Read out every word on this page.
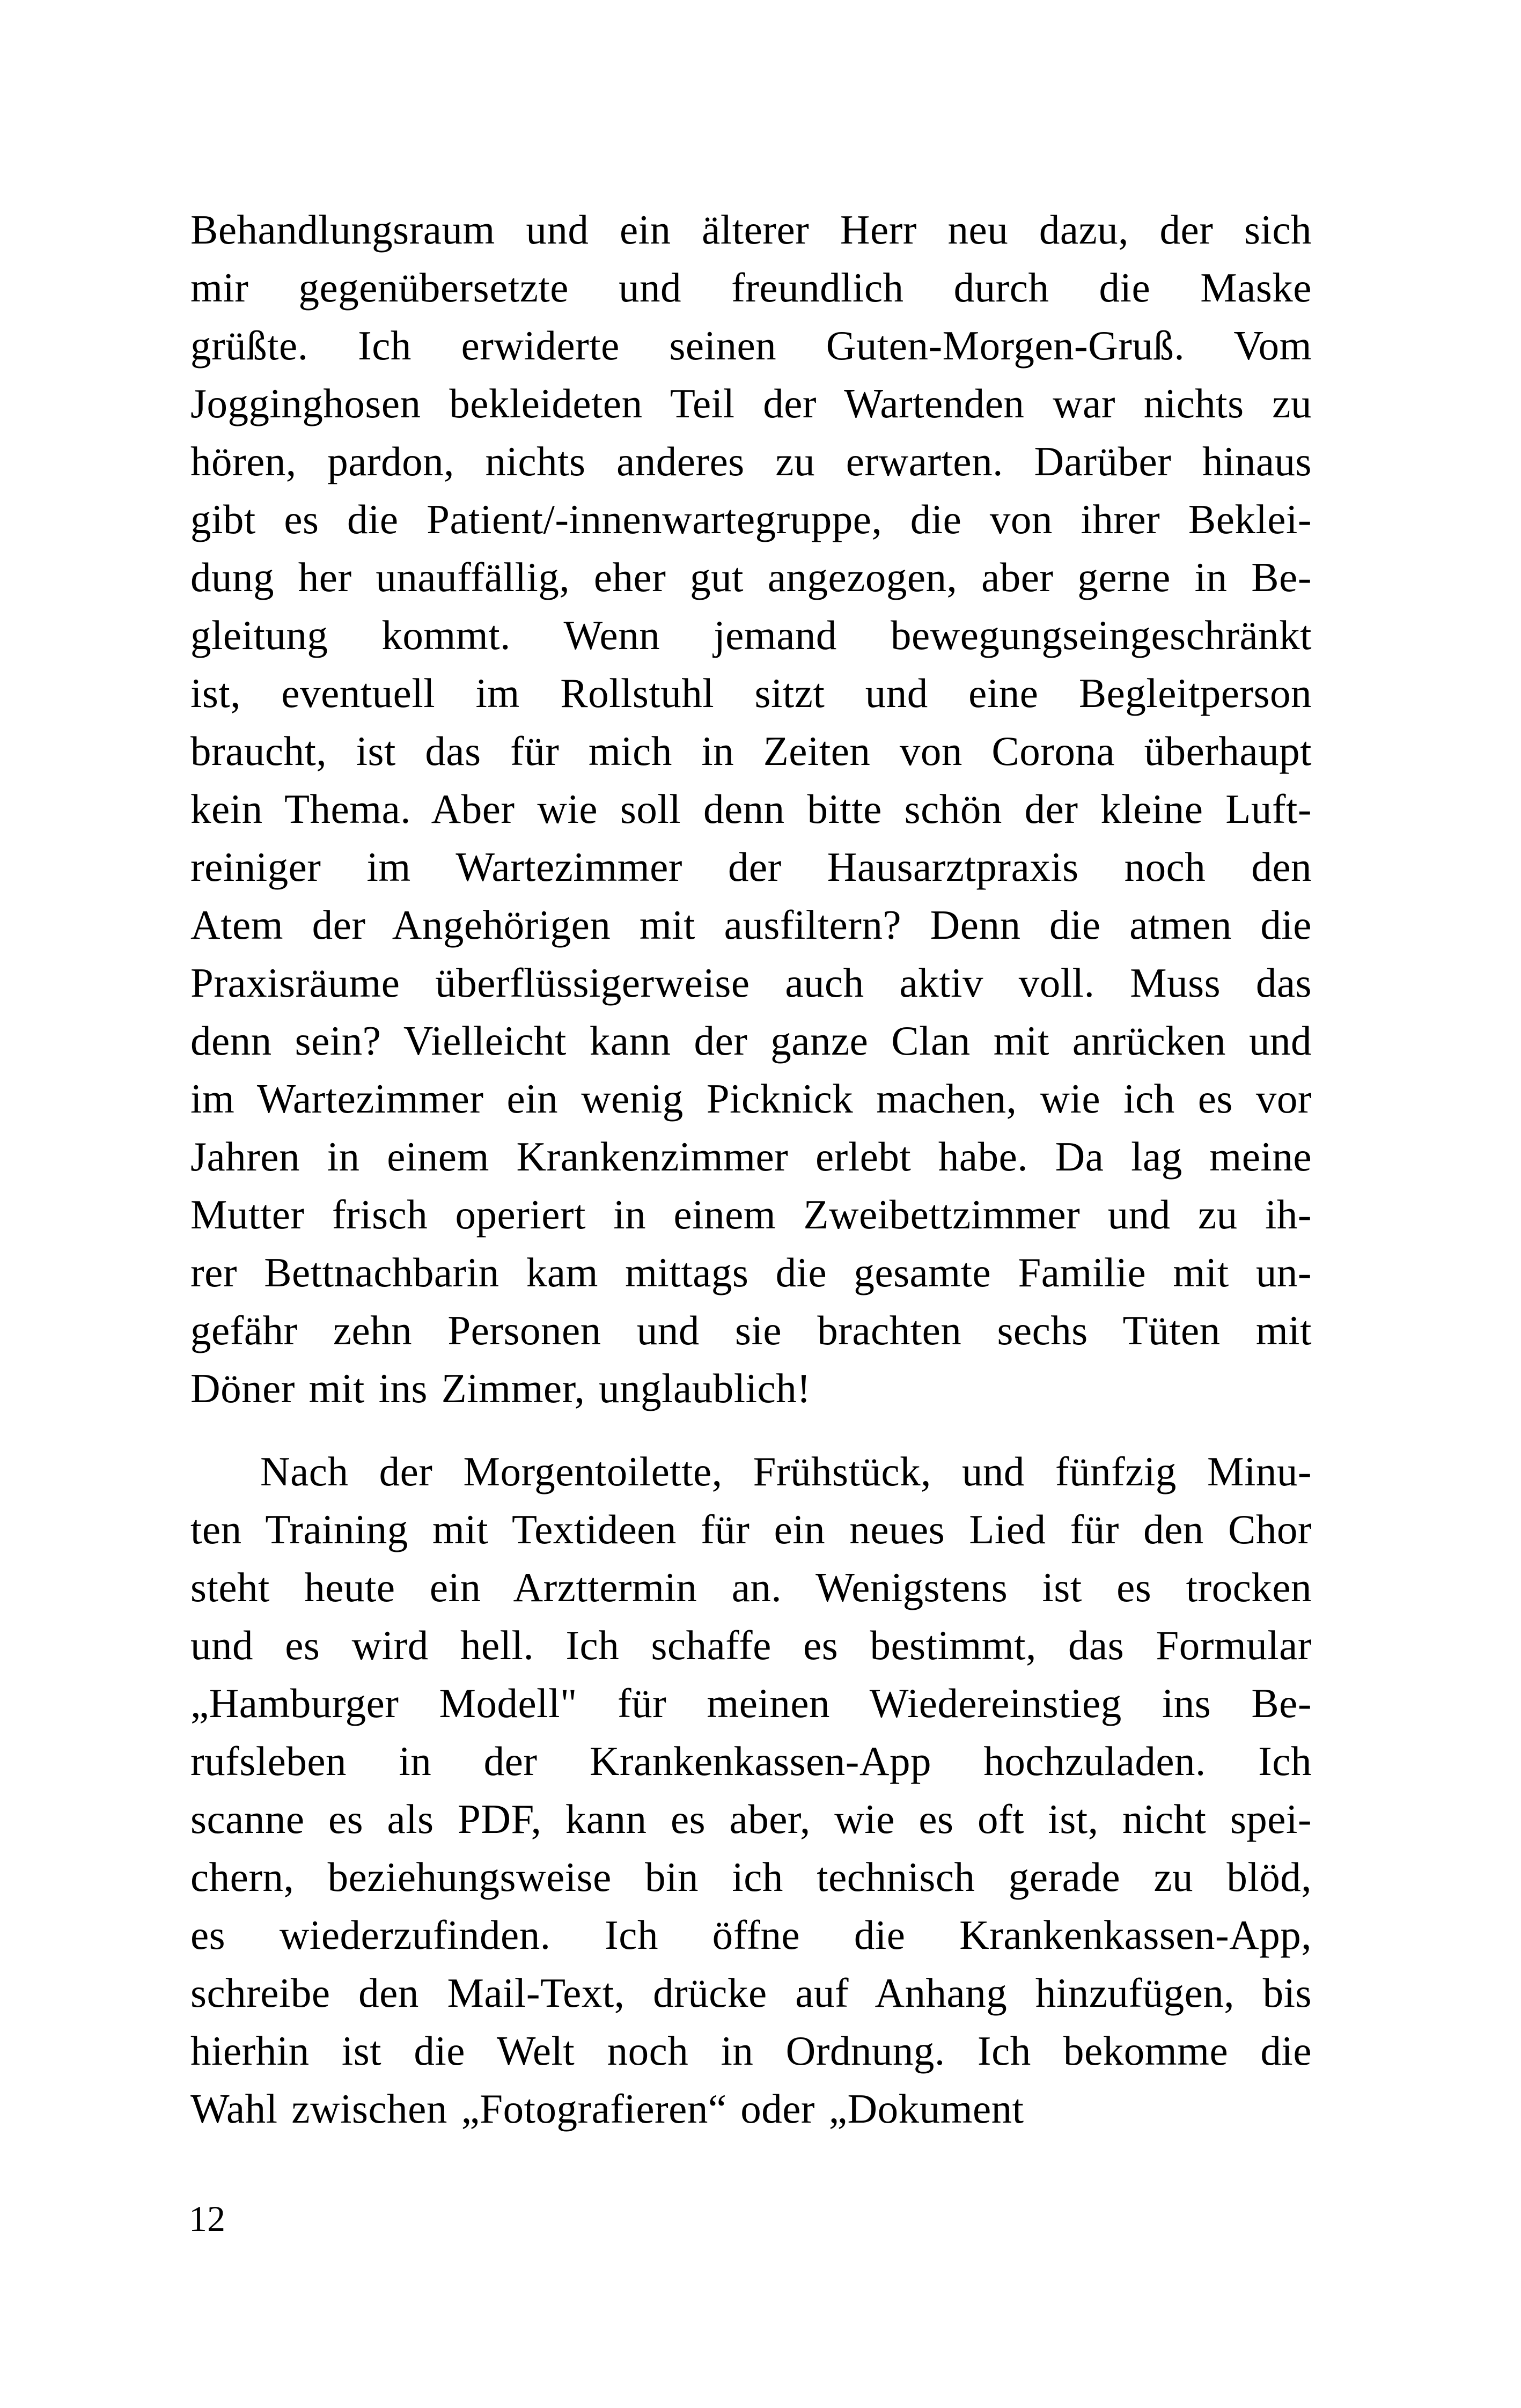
Behandlungsraum und ein älterer Herr neu dazu, der sich
mir gegenübersetzte und freundlich durch die Maske
grüßte. Ich erwiderte seinen Guten-Morgen-Gruß. Vom
Jogginghosen bekleideten Teil der Wartenden war nichts zu
hören, pardon, nichts anderes zu erwarten. Darüber hinaus
gibt es die Patient/-innenwartegruppe, die von ihrer Beklei-
dung her unauffällig, eher gut angezogen, aber gerne in Be-
gleitung kommt. Wenn jemand bewegungseingeschränkt
ist, eventuell im Rollstuhl sitzt und eine Begleitperson
braucht, ist das für mich in Zeiten von Corona überhaupt
kein Thema. Aber wie soll denn bitte schön der kleine Luft-
reiniger im Wartezimmer der Hausarztpraxis noch den
Atem der Angehörigen mit ausfiltern? Denn die atmen die
Praxisräume überflüssigerweise auch aktiv voll. Muss das
denn sein? Vielleicht kann der ganze Clan mit anrücken und
im Wartezimmer ein wenig Picknick machen, wie ich es vor
Jahren in einem Krankenzimmer erlebt habe. Da lag meine
Mutter frisch operiert in einem Zweibettzimmer und zu ih-
rer Bettnachbarin kam mittags die gesamte Familie mit un-
gefähr zehn Personen und sie brachten sechs Tüten mit
Döner mit ins Zimmer, unglaublich!
Nach der Morgentoilette, Frühstück, und fünfzig Minu-
ten Training mit Textideen für ein neues Lied für den Chor
steht heute ein Arzttermin an. Wenigstens ist es trocken
und es wird hell. Ich schaffe es bestimmt, das Formular
„Hamburger Modell" für meinen Wiedereinstieg ins Be-
rufsleben in der Krankenkassen-App hochzuladen. Ich
scanne es als PDF, kann es aber, wie es oft ist, nicht spei-
chern, beziehungsweise bin ich technisch gerade zu blöd,
es wiederzufinden. Ich öffne die Krankenkassen-App,
schreibe den Mail-Text, drücke auf Anhang hinzufügen, bis
hierhin ist die Welt noch in Ordnung. Ich bekomme die
Wahl zwischen „Fotografieren“ oder „Dokument
12
